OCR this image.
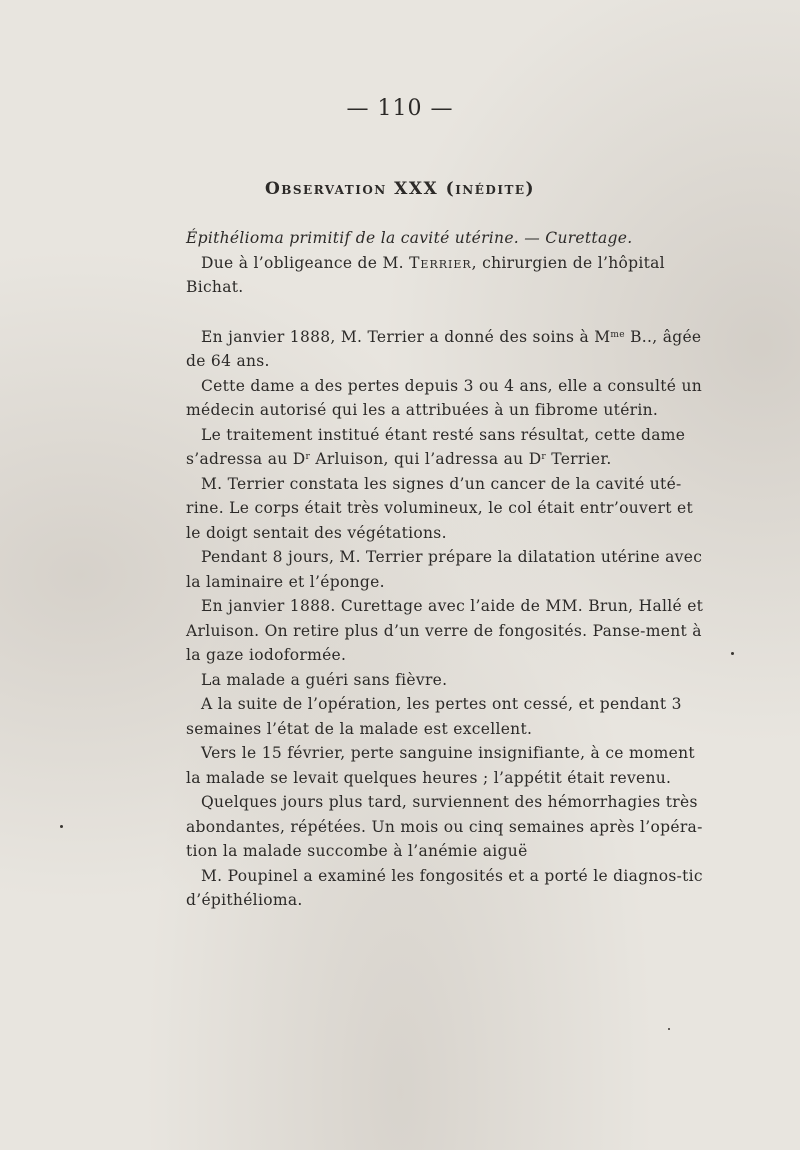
— 110 —

Observation XXX (inédite)

Épithélioma primitif de la cavité utérine. — Curettage.

Due à l’obligeance de M. Terrier, chirurgien de l’hôpital Bichat.

En janvier 1888, M. Terrier a donné des soins à $M^{me}$ B.., âgée de 64 ans.

Cette dame a des pertes depuis 3 ou 4 ans, elle a consulté un médecin autorisé qui les a attribuées à un fibrome utérin.

Le traitement institué étant resté sans résultat, cette dame s’adressa au $D^r$ Arluison, qui l’adressa au $D^r$ Terrier.

M. Terrier constata les signes d’un cancer de la cavité uté-rine. Le corps était très volumineux, le col était entr’ouvert et le doigt sentait des végétations.

Pendant 8 jours, M. Terrier prépare la dilatation utérine avec la laminaire et l’éponge.

En janvier 1888. Curettage avec l’aide de MM. Brun, Hallé et Arluison. On retire plus d’un verre de fongosités. Panse-ment à la gaze iodoformée.

La malade a guéri sans fièvre.

A la suite de l’opération, les pertes ont cessé, et pendant 3 semaines l’état de la malade est excellent.

Vers le 15 février, perte sanguine insignifiante, à ce moment la malade se levait quelques heures ; l’appétit était revenu.

Quelques jours plus tard, surviennent des hémorrhagies très abondantes, répétées. Un mois ou cinq semaines après l’opéra-tion la malade succombe à l’anémie aiguë

M. Poupinel a examiné les fongosités et a porté le diagnos-tic d’épithélioma.
